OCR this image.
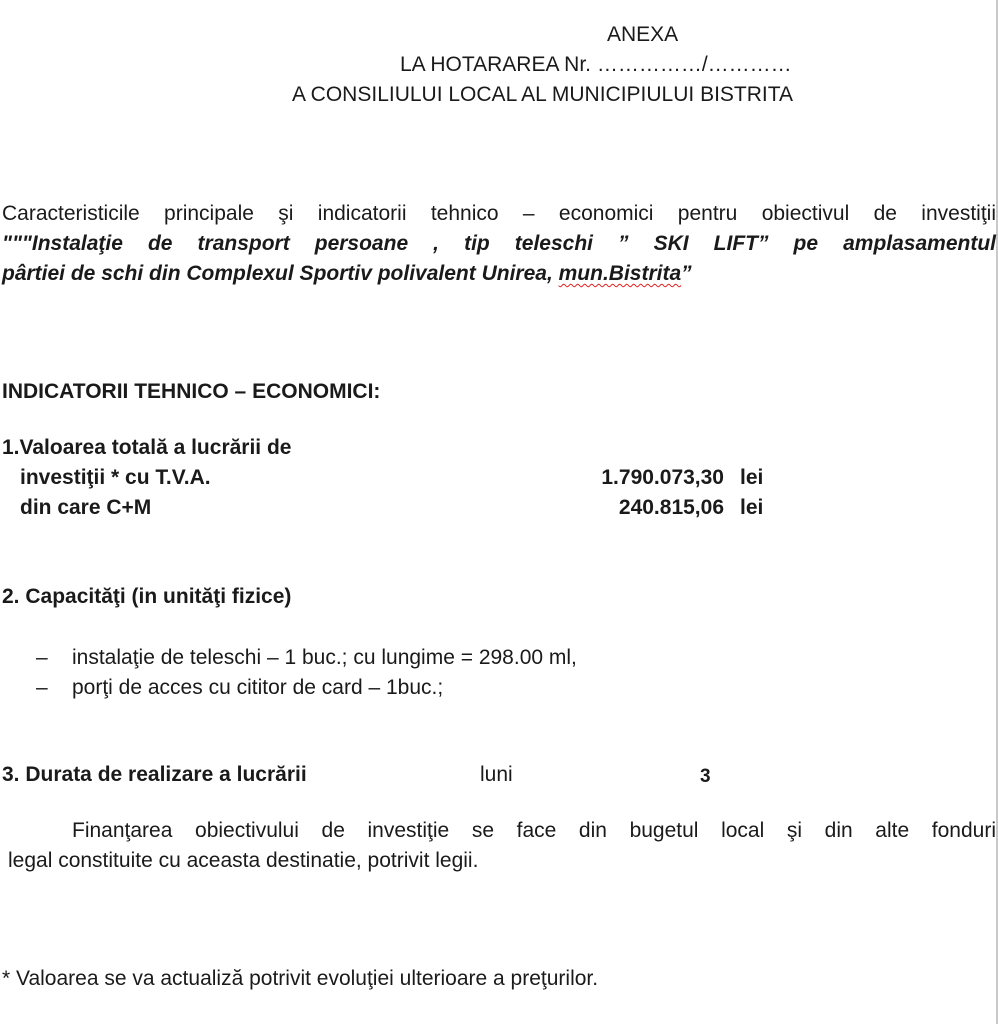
ANEXA
LA HOTARAREA Nr. ……………/…………
A CONSILIULUI LOCAL AL MUNICIPIULUI BISTRITA
Caracteristicile principale şi indicatorii tehnico – economici pentru obiectivul de investiţii
"""Instalaţie de transport persoane , tip teleschi ” SKI LIFT” pe amplasamentul
pârtiei de schi din Complexul Sportiv polivalent Unirea, mun.Bistrita”
INDICATORII TEHNICO – ECONOMICI:
1.Valoarea totală a lucrării de
investiţii * cu T.V.A.	1.790.073,30 lei
din care C+M	240.815,06 lei
2. Capacităţi (in unităţi fizice)
– instalaţie de teleschi – 1 buc.; cu lungime = 298.00 ml,
– porţi de acces cu cititor de card – 1buc.;
3. Durata de realizare a lucrării	luni	3
Finanţarea obiectivului de investiţie se face din bugetul local şi din alte fonduri
legal constituite cu aceasta destinatie, potrivit legii.
* Valoarea se va actualiză potrivit evoluţiei ulterioare a preţurilor.
